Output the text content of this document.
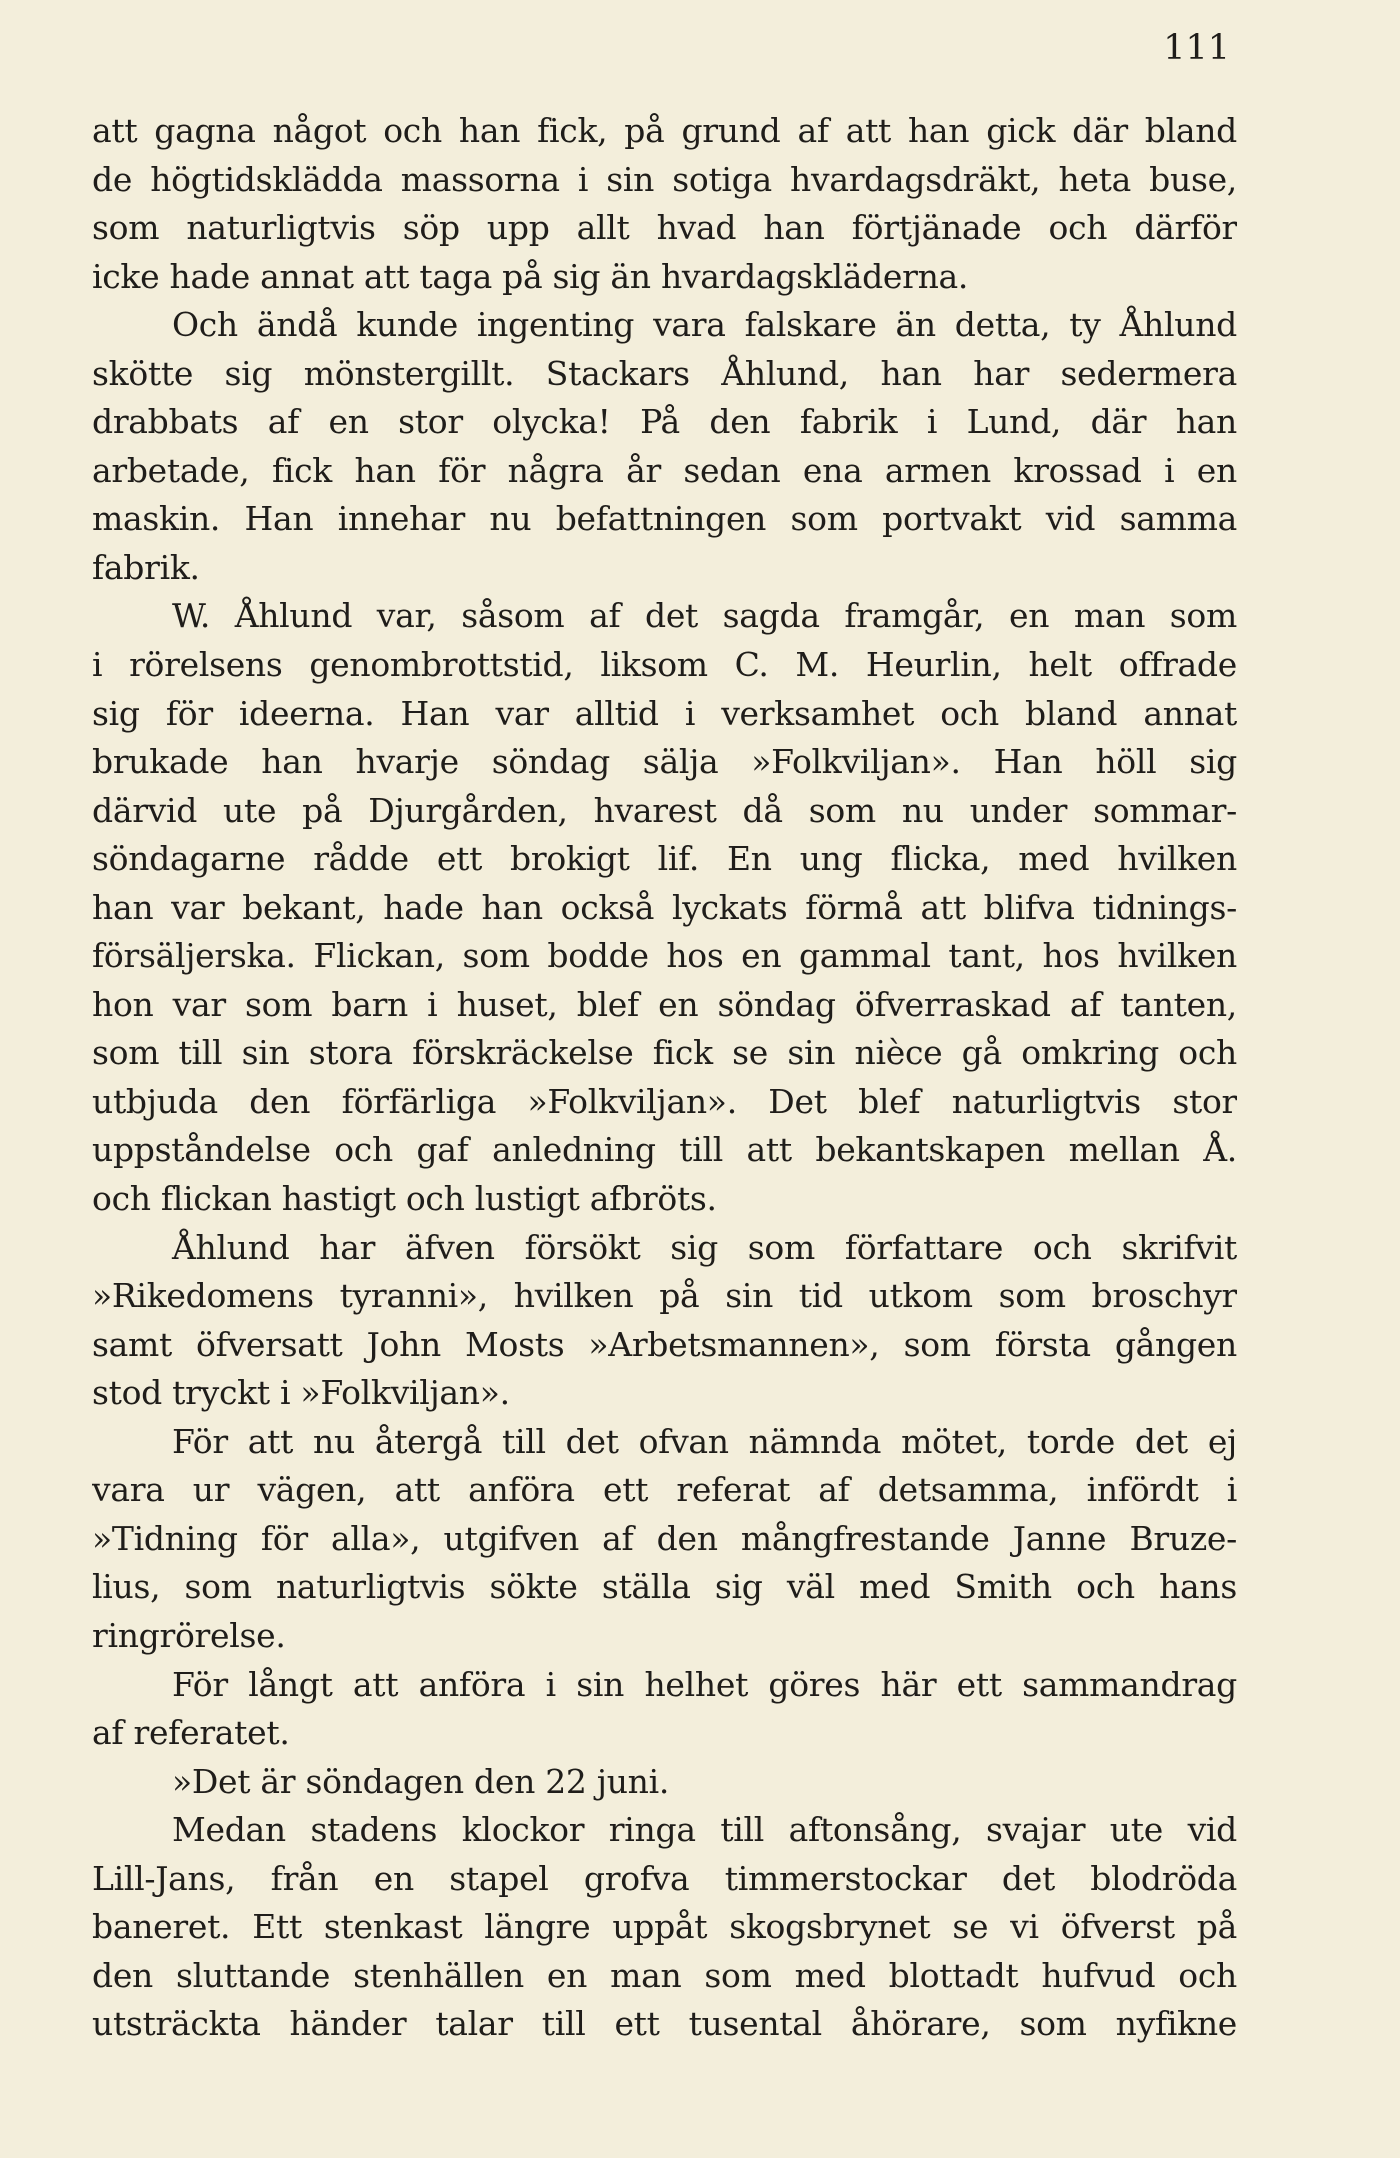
111
att gagna något och han fick, på grund af att han gick där bland
de högtidsklädda massorna i sin sotiga hvardagsdräkt, heta buse,
som naturligtvis söp upp allt hvad han förtjänade och därför
icke hade annat att taga på sig än hvardagskläderna.
Och ändå kunde ingenting vara falskare än detta, ty Åhlund
skötte sig mönstergillt. Stackars Åhlund, han har sedermera
drabbats af en stor olycka! På den fabrik i Lund, där han
arbetade, fick han för några år sedan ena armen krossad i en
maskin. Han innehar nu befattningen som portvakt vid samma
fabrik.
W. Åhlund var, såsom af det sagda framgår, en man som
i rörelsens genombrottstid, liksom C. M. Heurlin, helt offrade
sig för ideerna. Han var alltid i verksamhet och bland annat
brukade han hvarje söndag sälja »Folkviljan». Han höll sig
därvid ute på Djurgården, hvarest då som nu under sommar-
söndagarne rådde ett brokigt lif. En ung flicka, med hvilken
han var bekant, hade han också lyckats förmå att blifva tidnings-
försäljerska. Flickan, som bodde hos en gammal tant, hos hvilken
hon var som barn i huset, blef en söndag öfverraskad af tanten,
som till sin stora förskräckelse fick se sin nièce gå omkring och
utbjuda den förfärliga »Folkviljan». Det blef naturligtvis stor
uppståndelse och gaf anledning till att bekantskapen mellan Å.
och flickan hastigt och lustigt afbröts.
Åhlund har äfven försökt sig som författare och skrifvit
»Rikedomens tyranni», hvilken på sin tid utkom som broschyr
samt öfversatt John Mosts »Arbetsmannen», som första gången
stod tryckt i »Folkviljan».
För att nu återgå till det ofvan nämnda mötet, torde det ej
vara ur vägen, att anföra ett referat af detsamma, infördt i
»Tidning för alla», utgifven af den mångfrestande Janne Bruze-
lius, som naturligtvis sökte ställa sig väl med Smith och hans
ringrörelse.
För långt att anföra i sin helhet göres här ett sammandrag
af referatet.
»Det är söndagen den 22 juni.
Medan stadens klockor ringa till aftonsång, svajar ute vid
Lill-Jans, från en stapel grofva timmerstockar det blodröda
baneret. Ett stenkast längre uppåt skogsbrynet se vi öfverst på
den sluttande stenhällen en man som med blottadt hufvud och
utsträckta händer talar till ett tusental åhörare, som nyfikne
